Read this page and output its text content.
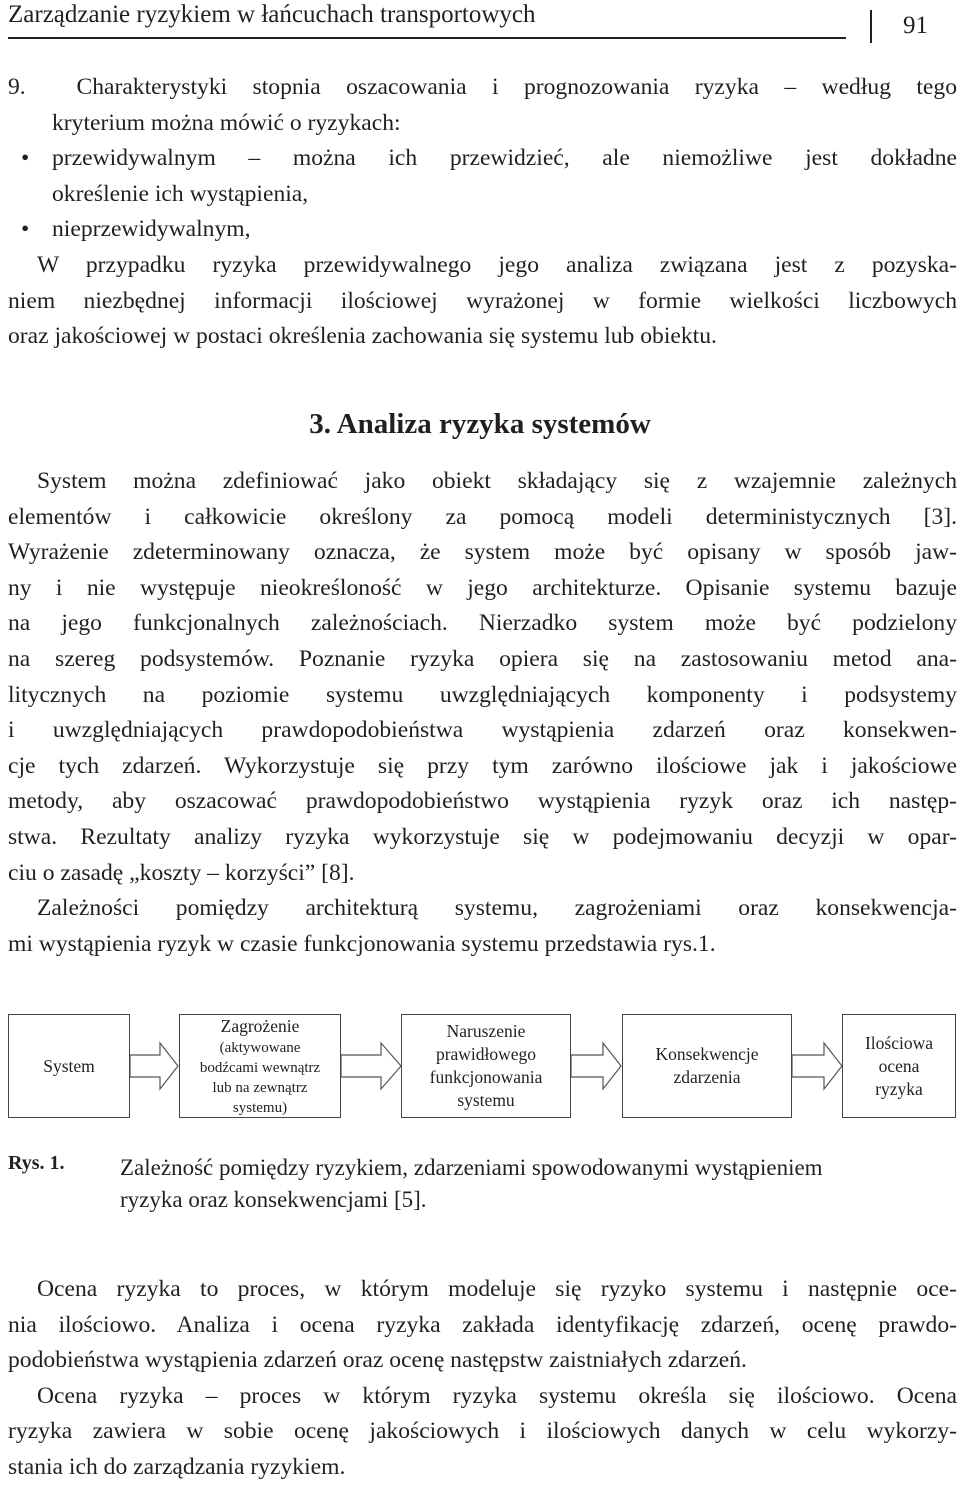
Zarządzanie ryzykiem w łańcuchach transportowych	91
9.  Charakterystyki stopnia oszacowania i prognozowania ryzyka – według tego
kryterium można mówić o ryzykach:
• przewidywalnym – można ich przewidzieć, ale niemożliwe jest dokładne
określenie ich wystąpienia,
• nieprzewidywalnym,
W przypadku ryzyka przewidywalnego jego analiza związana jest z pozyska-
niem niezbędnej informacji ilościowej wyrażonej w formie wielkości liczbowych
oraz jakościowej w postaci określenia zachowania się systemu lub obiektu.
3. Analiza ryzyka systemów
System można zdefiniować jako obiekt składający się z wzajemnie zależnych
elementów i całkowicie określony za pomocą modeli deterministycznych [3].
Wyrażenie zdeterminowany oznacza, że system może być opisany w sposób jaw-
ny i nie występuje nieokreśloność w jego architekturze. Opisanie systemu bazuje
na jego funkcjonalnych zależnościach. Nierzadko system może być podzielony
na szereg podsystemów. Poznanie ryzyka opiera się na zastosowaniu metod ana-
litycznych na poziomie systemu uwzględniających komponenty i podsystemy
i uwzględniających prawdopodobieństwa wystąpienia zdarzeń oraz konsekwen-
cje tych zdarzeń. Wykorzystuje się przy tym zarówno ilościowe jak i jakościowe
metody, aby oszacować prawdopodobieństwo wystąpienia ryzyk oraz ich następ-
stwa. Rezultaty analizy ryzyka wykorzystuje się w podejmowaniu decyzji w opar-
ciu o zasadę „koszty – korzyści” [8].
Zależności pomiędzy architekturą systemu, zagrożeniami oraz konsekwencja-
mi wystąpienia ryzyk w czasie funkcjonowania systemu przedstawia rys.1.
System
Zagrożenie
(aktywowane
bodźcami wewnątrz
lub na zewnątrz
systemu)
Naruszenie
prawidłowego
funkcjonowania
systemu
Konsekwencje
zdarzenia
Ilościowa
ocena
ryzyka
Rys. 1. Zależność pomiędzy ryzykiem, zdarzeniami spowodowanymi wystąpieniem
ryzyka oraz konsekwencjami [5].
Ocena ryzyka to proces, w którym modeluje się ryzyko systemu i następnie oce-
nia ilościowo. Analiza i ocena ryzyka zakłada identyfikację zdarzeń, ocenę prawdo-
podobieństwa wystąpienia zdarzeń oraz ocenę następstw zaistniałych zdarzeń.
Ocena ryzyka – proces w którym ryzyka systemu określa się ilościowo. Ocena
ryzyka zawiera w sobie ocenę jakościowych i ilościowych danych w celu wykorzy-
stania ich do zarządzania ryzykiem.
